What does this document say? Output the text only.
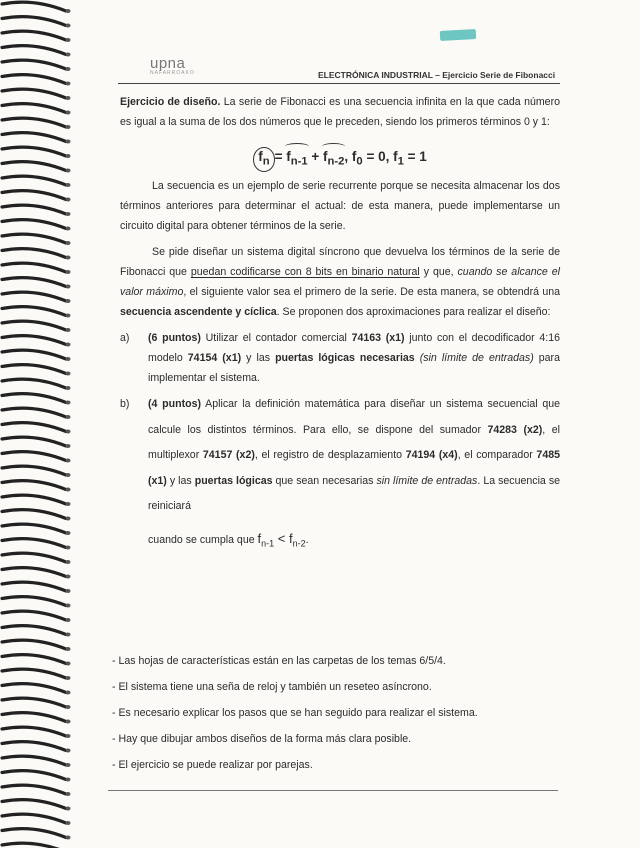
upna
NAFARROAKO	ELECTRÓNICA INDUSTRIAL – Ejercicio Serie de Fibonacci

Ejercicio de diseño. La serie de Fibonacci es una secuencia infinita en la que cada número es igual a la suma de los dos números que le preceden, siendo los primeros términos 0 y 1:

$f_n = f_{n-1} + f_{n-2}$, $f_0 = 0$, $f_1 = 1$

La secuencia es un ejemplo de serie recurrente porque se necesita almacenar los dos términos anteriores para determinar el actual: de esta manera, puede implementarse un circuito digital para obtener términos de la serie.

Se pide diseñar un sistema digital síncrono que devuelva los términos de la serie de Fibonacci que puedan codificarse con 8 bits en binario natural y que, cuando se alcance el valor máximo, el siguiente valor sea el primero de la serie. De esta manera, se obtendrá una secuencia ascendente y cíclica. Se proponen dos aproximaciones para realizar el diseño:

a) (6 puntos) Utilizar el contador comercial 74163 (x1) junto con el decodificador 4:16 modelo 74154 (x1) y las puertas lógicas necesarias (sin límite de entradas) para implementar el sistema.
b) (4 puntos) Aplicar la definición matemática para diseñar un sistema secuencial que calcule los distintos términos. Para ello, se dispone del sumador 74283 (x2), el multiplexor 74157 (x2), el registro de desplazamiento 74194 (x4), el comparador 7485 (x1) y las puertas lógicas que sean necesarias sin límite de entradas. La secuencia se reiniciará
cuando se cumpla que $f_{n-1} < f_{n-2}$.
- Las hojas de características están en las carpetas de los temas 6/5/4.
- El sistema tiene una seña de reloj y también un reseteo asíncrono.
- Es necesario explicar los pasos que se han seguido para realizar el sistema.
- Hay que dibujar ambos diseños de la forma más clara posible.
- El ejercicio se puede realizar por parejas.
